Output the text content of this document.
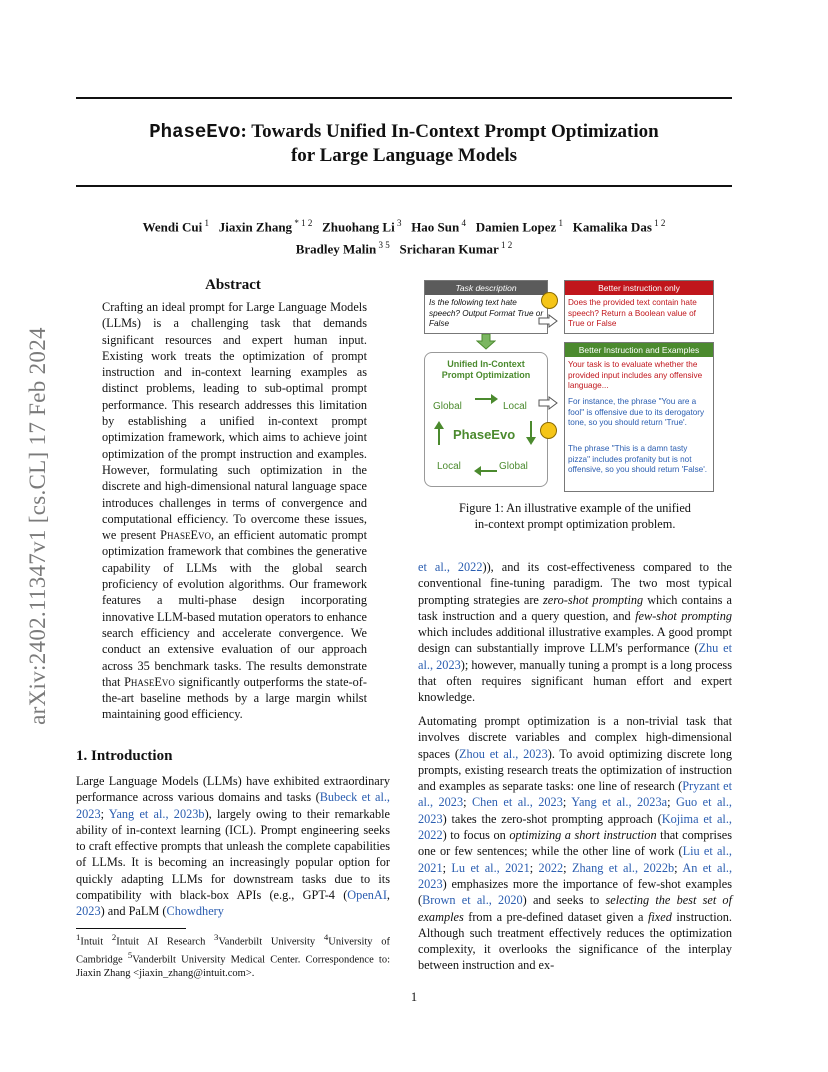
PhaseEvo: Towards Unified In-Context Prompt Optimization
for Large Language Models
Wendi Cui $^1$ Jiaxin Zhang $^{* 1 2}$ Zhuohang Li $^3$ Hao Sun $^4$ Damien Lopez $^1$ Kamalika Das $^{1 2}$
Bradley Malin $^{3 5}$ Sricharan Kumar $^{1 2}$
arXiv:2402.11347v1 [cs.CL] 17 Feb 2024
Abstract
Crafting an ideal prompt for Large Language Models (LLMs) is a challenging task that demands significant resources and expert human input. Existing work treats the optimization of prompt instruction and in-context learning examples as distinct problems, leading to sub-optimal prompt performance. This research addresses this limitation by establishing a unified in-context prompt optimization framework, which aims to achieve joint optimization of the prompt instruction and examples. However, formulating such optimization in the discrete and high-dimensional natural language space introduces challenges in terms of convergence and computational efficiency. To overcome these issues, we present PhaseEvo, an efficient automatic prompt optimization framework that combines the generative capability of LLMs with the global search proficiency of evolution algorithms. Our framework features a multi-phase design incorporating innovative LLM-based mutation operators to enhance search efficiency and accelerate convergence. We conduct an extensive evaluation of our approach across 35 benchmark tasks. The results demonstrate that PhaseEvo significantly outperforms the state-of-the-art baseline methods by a large margin whilst maintaining good efficiency.
1. Introduction
Large Language Models (LLMs) have exhibited extraordinary performance across various domains and tasks (Bubeck et al., 2023; Yang et al., 2023b), largely owing to their remarkable ability of in-context learning (ICL). Prompt engineering seeks to craft effective prompts that unleash the complete capabilities of LLMs. It is becoming an increasingly popular option for quickly adapting LLMs for downstream tasks due to its compatibility with black-box APIs (e.g., GPT-4 (OpenAI, 2023) and PaLM (Chowdhery
$^1$Intuit $^2$Intuit AI Research $^3$Vanderbilt University $^4$University of Cambridge $^5$Vanderbilt University Medical Center. Correspondence to: Jiaxin Zhang <jiaxin_zhang@intuit.com>.
Task description
Is the following text hate speech? Output Format True or False
Unified In-Context
Prompt Optimization
Global	Local
PhaseEvo
Local	Global
Better instruction only
Does the provided text contain hate speech? Return a Boolean value of True or False
Better Instruction and Examples
Your task is to evaluate whether the provided input includes any offensive language...
For instance, the phrase "You are a fool" is offensive due to its derogatory tone, so you should return 'True'.
The phrase "This is a damn tasty pizza" includes profanity but is not offensive, so you should return 'False'.
Figure 1: An illustrative example of the unified
in-context prompt optimization problem.
et al., 2022)), and its cost-effectiveness compared to the conventional fine-tuning paradigm. The two most typical prompting strategies are zero-shot prompting which contains a task instruction and a query question, and few-shot prompting which includes additional illustrative examples. A good prompt design can substantially improve LLM's performance (Zhu et al., 2023); however, manually tuning a prompt is a long process that often requires significant human effort and expert knowledge.
Automating prompt optimization is a non-trivial task that involves discrete variables and complex high-dimensional spaces (Zhou et al., 2023). To avoid optimizing discrete long prompts, existing research treats the optimization of instruction and examples as separate tasks: one line of research (Pryzant et al., 2023; Chen et al., 2023; Yang et al., 2023a; Guo et al., 2023) takes the zero-shot prompting approach (Kojima et al., 2022) to focus on optimizing a short instruction that comprises one or few sentences; while the other line of work (Liu et al., 2021; Lu et al., 2021; 2022; Zhang et al., 2022b; An et al., 2023) emphasizes more the importance of few-shot examples (Brown et al., 2020) and seeks to selecting the best set of examples from a pre-defined dataset given a fixed instruction. Although such treatment effectively reduces the optimization complexity, it overlooks the significance of the interplay between instruction and ex-
1
